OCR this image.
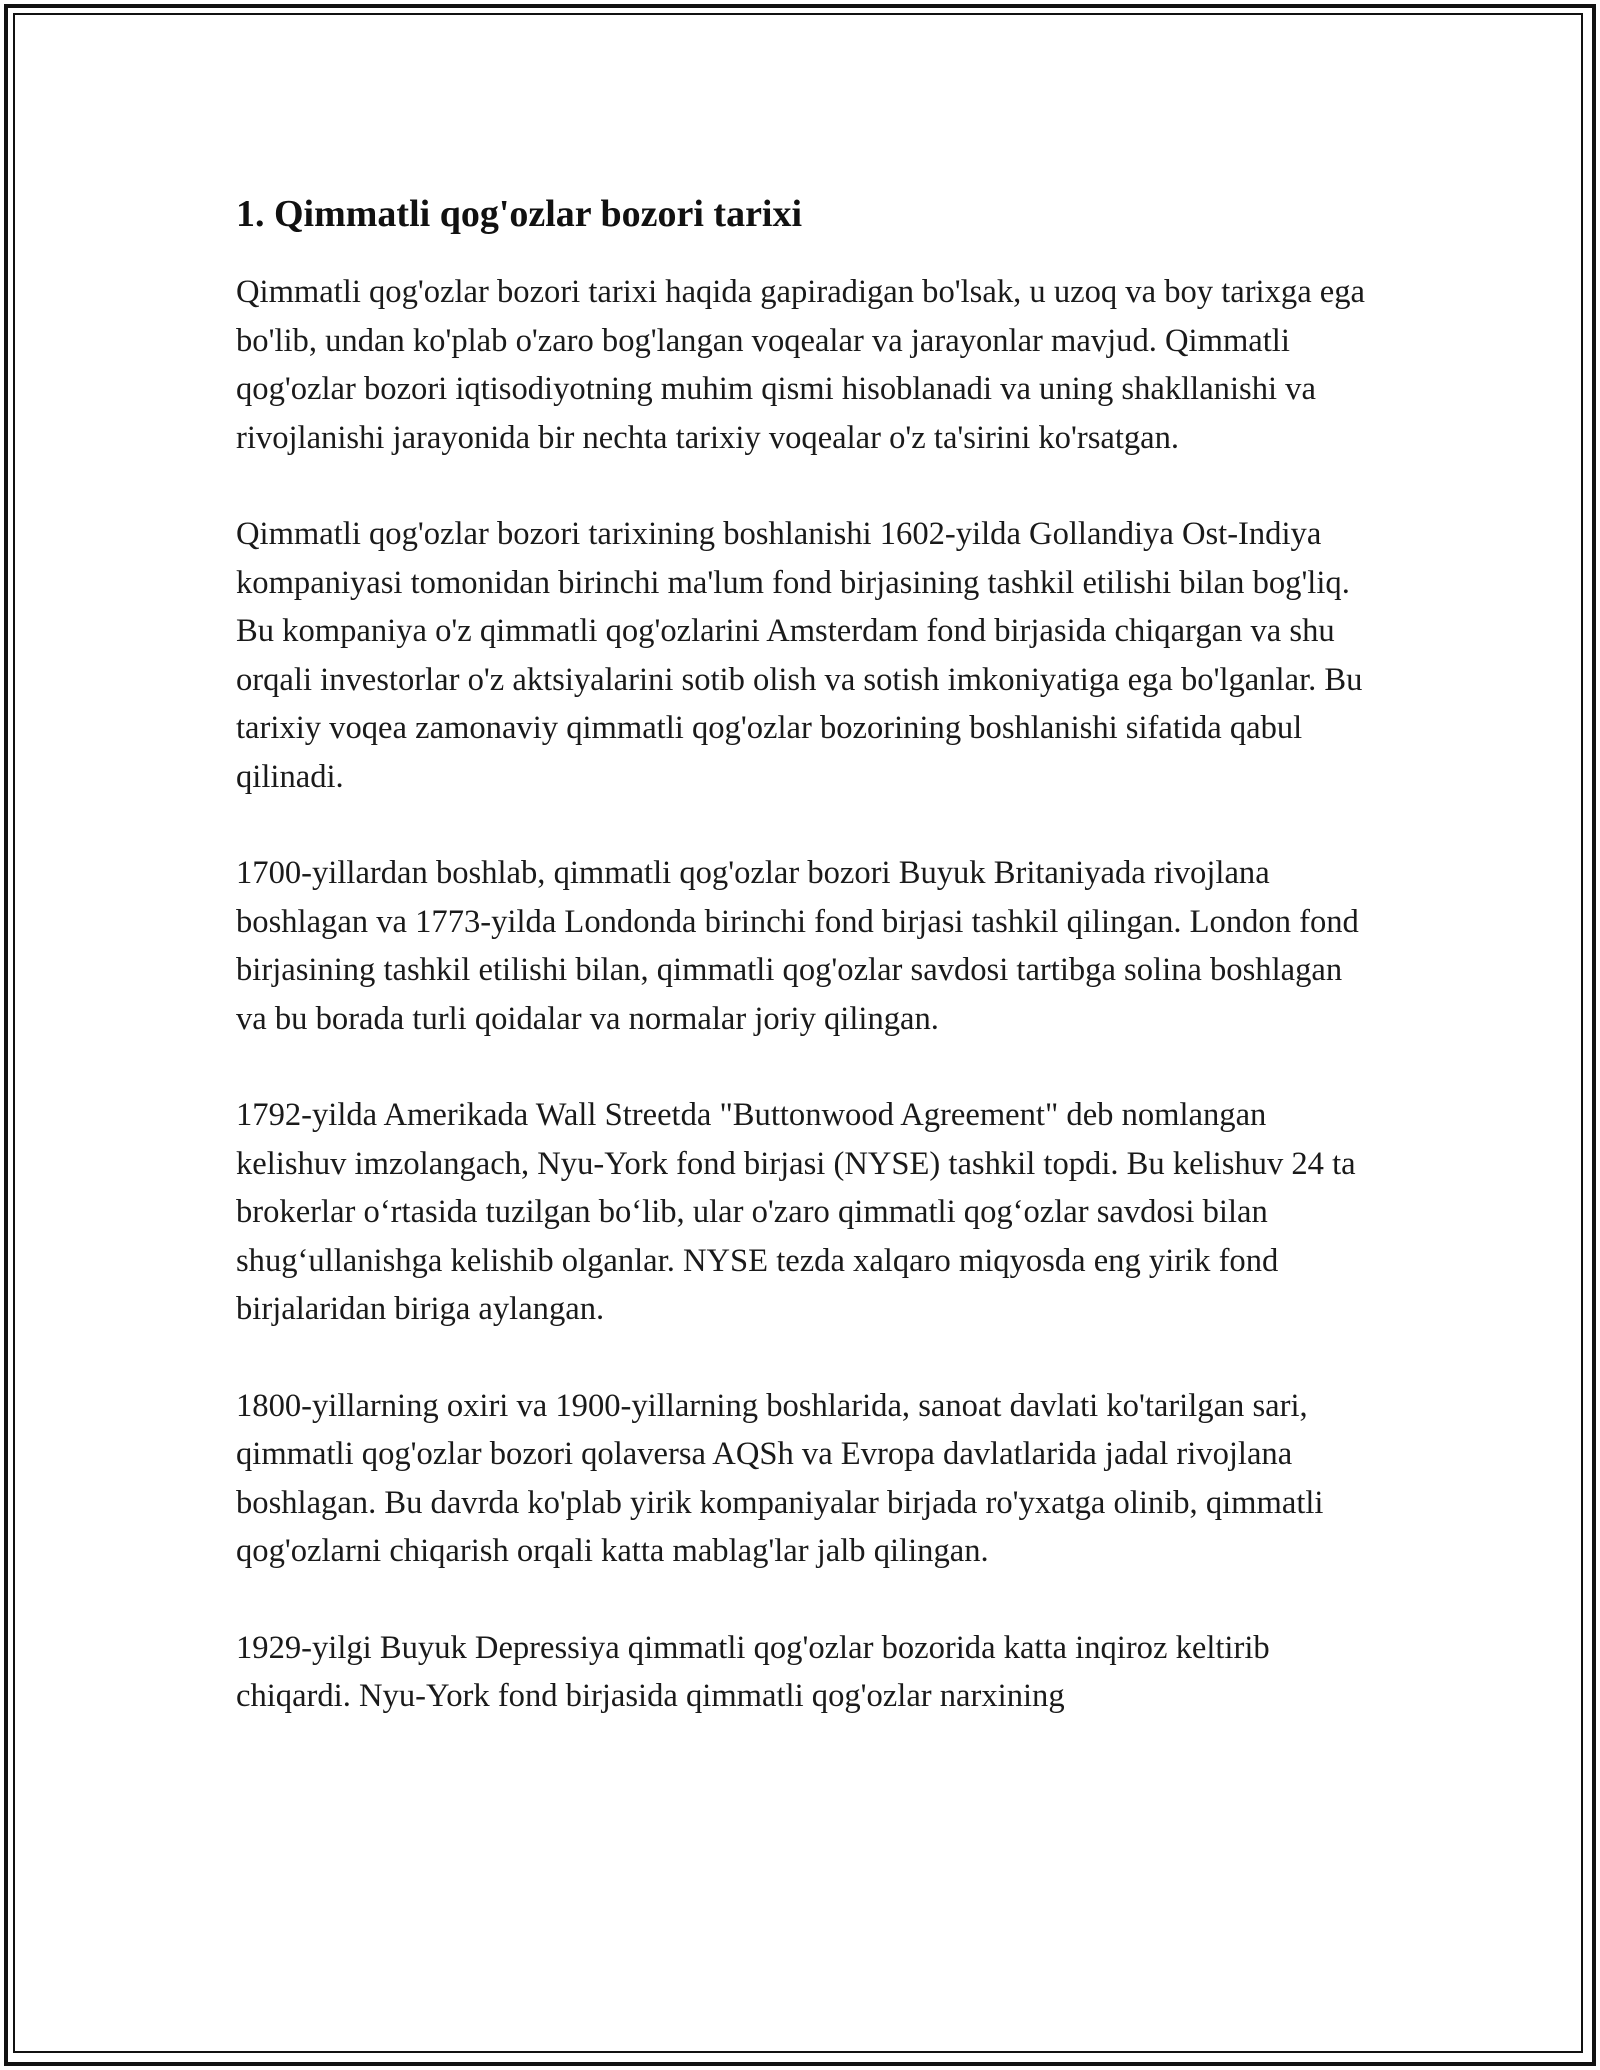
1. Qimmatli qog'ozlar bozori tarixi

Qimmatli qog'ozlar bozori tarixi haqida gapiradigan bo'lsak, u uzoq va boy tarixga ega bo'lib, undan ko'plab o'zaro bog'langan voqealar va jarayonlar mavjud. Qimmatli qog'ozlar bozori iqtisodiyotning muhim qismi hisoblanadi va uning shakllanishi va rivojlanishi jarayonida bir nechta tarixiy voqealar o'z ta'sirini ko'rsatgan.

Qimmatli qog'ozlar bozori tarixining boshlanishi 1602-yilda Gollandiya Ost-Indiya kompaniyasi tomonidan birinchi ma'lum fond birjasining tashkil etilishi bilan bog'liq. Bu kompaniya o'z qimmatli qog'ozlarini Amsterdam fond birjasida chiqargan va shu orqali investorlar o'z aktsiyalarini sotib olish va sotish imkoniyatiga ega bo'lganlar. Bu tarixiy voqea zamonaviy qimmatli qog'ozlar bozorining boshlanishi sifatida qabul qilinadi.

1700-yillardan boshlab, qimmatli qog'ozlar bozori Buyuk Britaniyada rivojlana boshlagan va 1773-yilda Londonda birinchi fond birjasi tashkil qilingan. London fond birjasining tashkil etilishi bilan, qimmatli qog'ozlar savdosi tartibga solina boshlagan va bu borada turli qoidalar va normalar joriy qilingan.

1792-yilda Amerikada Wall Streetda "Buttonwood Agreement" deb nomlangan kelishuv imzolangach, Nyu-York fond birjasi (NYSE) tashkil topdi. Bu kelishuv 24 ta brokerlar o‘rtasida tuzilgan bo‘lib, ular o'zaro qimmatli qog‘ozlar savdosi bilan shug‘ullanishga kelishib olganlar. NYSE tezda xalqaro miqyosda eng yirik fond birjalaridan biriga aylangan.

1800-yillarning oxiri va 1900-yillarning boshlarida, sanoat davlati ko'tarilgan sari, qimmatli qog'ozlar bozori qolaversa AQSh va Evropa davlatlarida jadal rivojlana boshlagan. Bu davrda ko'plab yirik kompaniyalar birjada ro'yxatga olinib, qimmatli qog'ozlarni chiqarish orqali katta mablag'lar jalb qilingan.

1929-yilgi Buyuk Depressiya qimmatli qog'ozlar bozorida katta inqiroz keltirib chiqardi. Nyu-York fond birjasida qimmatli qog'ozlar narxining
